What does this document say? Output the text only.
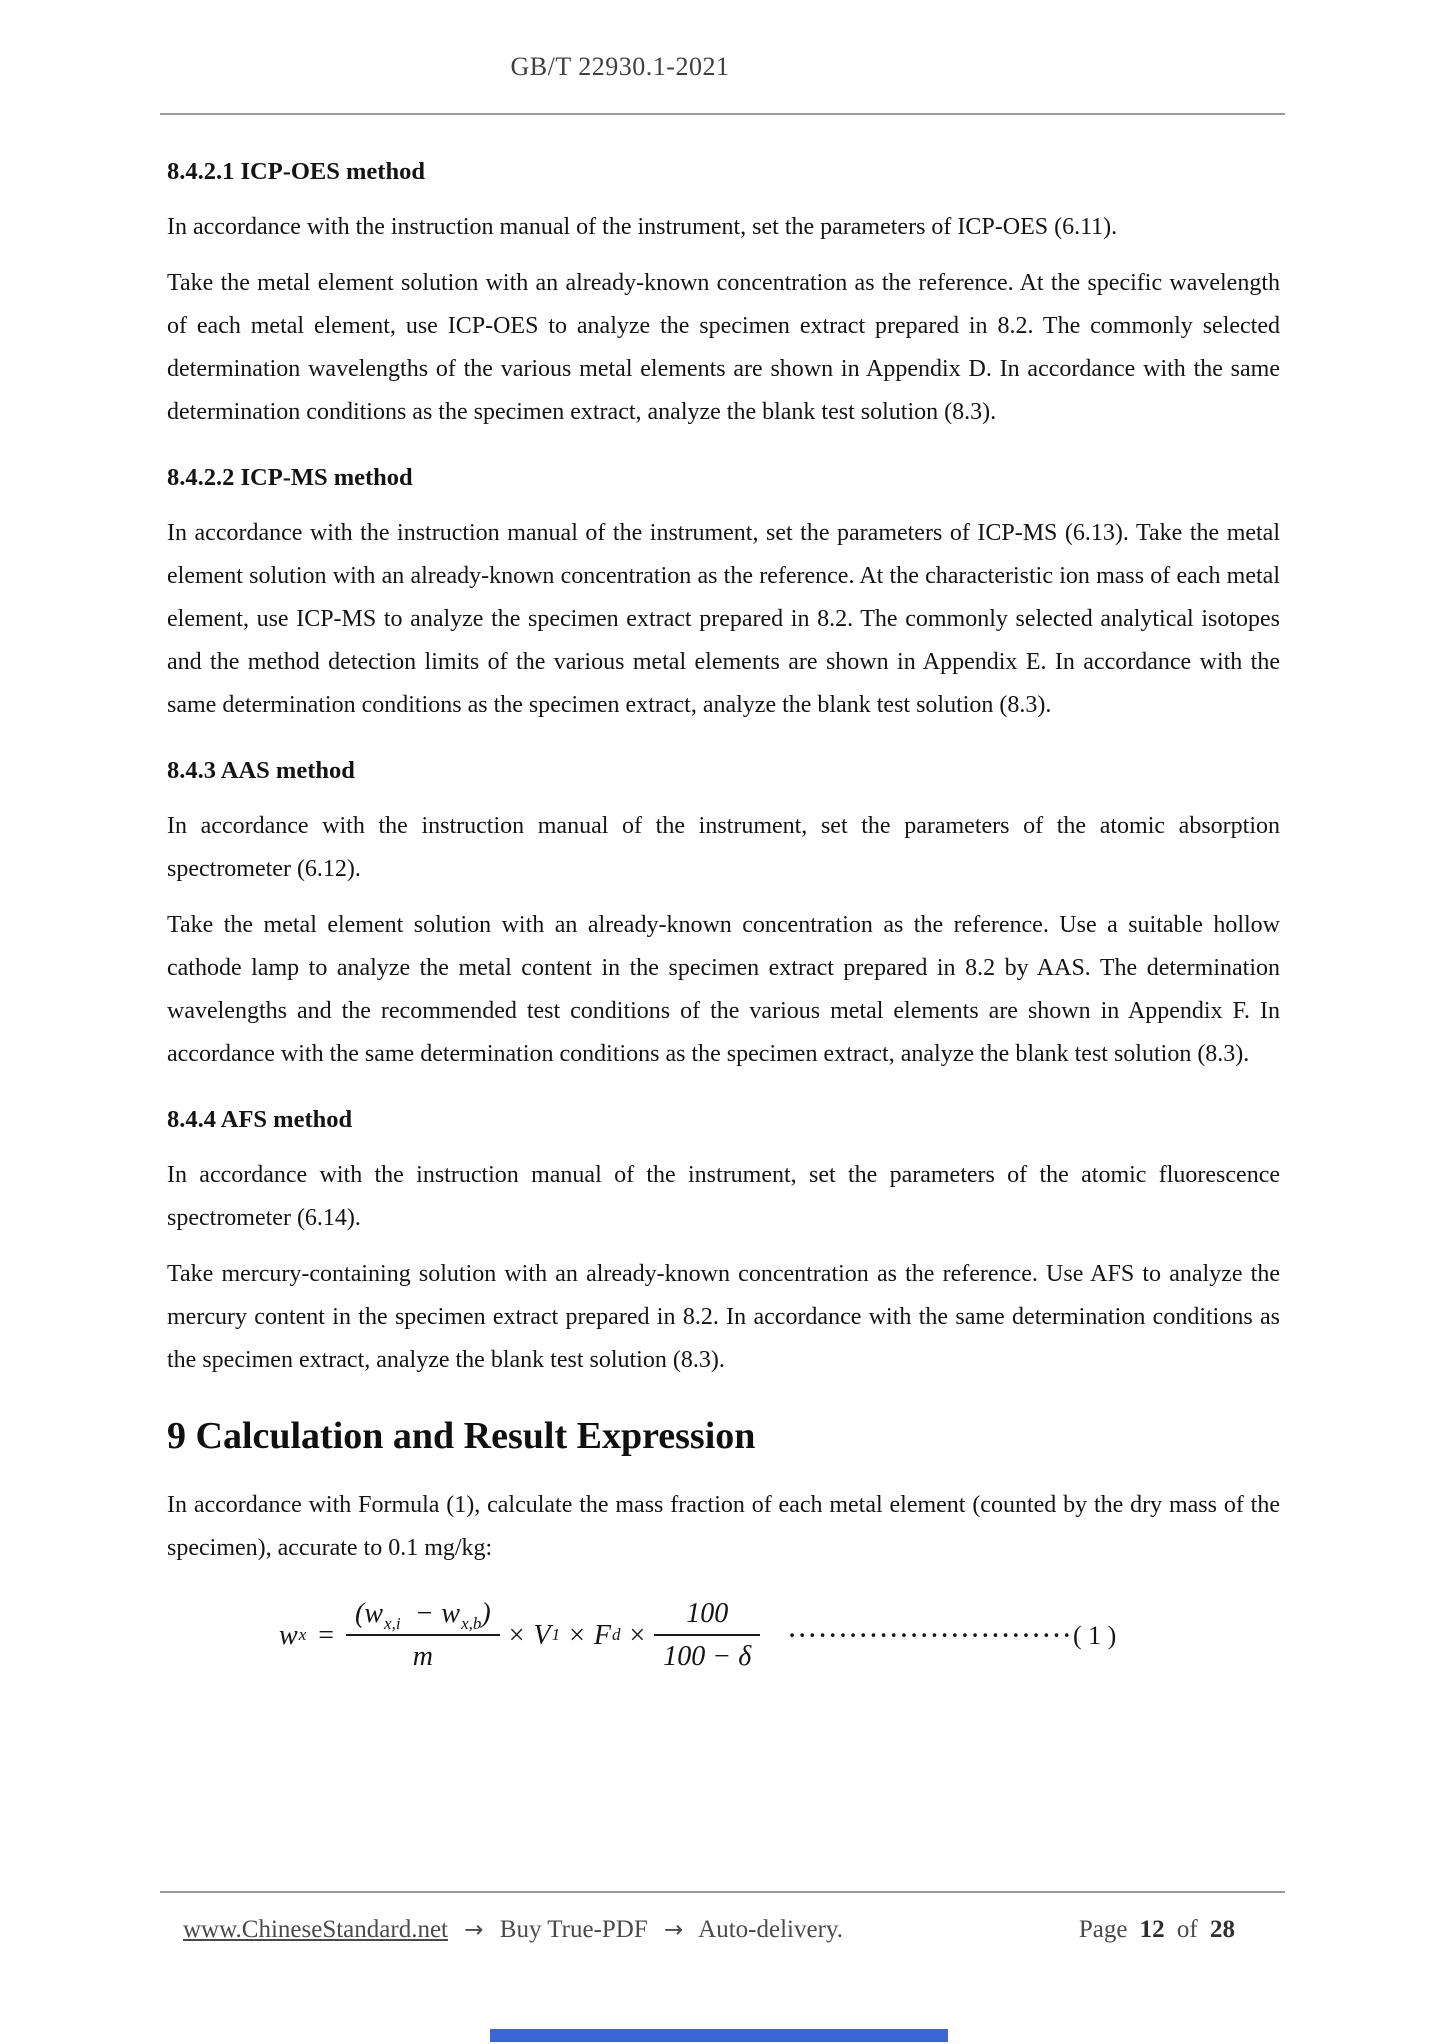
GB/T 22930.1-2021
8.4.2.1 ICP-OES method

In accordance with the instruction manual of the instrument, set the parameters of ICP-OES (6.11).

Take the metal element solution with an already-known concentration as the reference. At the specific wavelength of each metal element, use ICP-OES to analyze the specimen extract prepared in 8.2. The commonly selected determination wavelengths of the various metal elements are shown in Appendix D. In accordance with the same determination conditions as the specimen extract, analyze the blank test solution (8.3).

8.4.2.2 ICP-MS method

In accordance with the instruction manual of the instrument, set the parameters of ICP-MS (6.13). Take the metal element solution with an already-known concentration as the reference. At the characteristic ion mass of each metal element, use ICP-MS to analyze the specimen extract prepared in 8.2. The commonly selected analytical isotopes and the method detection limits of the various metal elements are shown in Appendix E. In accordance with the same determination conditions as the specimen extract, analyze the blank test solution (8.3).

8.4.3 AAS method

In accordance with the instruction manual of the instrument, set the parameters of the atomic absorption spectrometer (6.12).

Take the metal element solution with an already-known concentration as the reference. Use a suitable hollow cathode lamp to analyze the metal content in the specimen extract prepared in 8.2 by AAS. The determination wavelengths and the recommended test conditions of the various metal elements are shown in Appendix F. In accordance with the same determination conditions as the specimen extract, analyze the blank test solution (8.3).

8.4.4 AFS method

In accordance with the instruction manual of the instrument, set the parameters of the atomic fluorescence spectrometer (6.14).

Take mercury-containing solution with an already-known concentration as the reference. Use AFS to analyze the mercury content in the specimen extract prepared in 8.2. In accordance with the same determination conditions as the specimen extract, analyze the blank test solution (8.3).

9 Calculation and Result Expression

In accordance with Formula (1), calculate the mass fraction of each metal element (counted by the dry mass of the specimen), accurate to 0.1 mg/kg:

w $x = \frac{(w_{x,i} - w_{x,b})}{m} \times V$ 1 × F $d \times \frac{100}{100 - \delta}$ ···························· ( 1 )
www.ChineseStandard.net → Buy True-PDF → Auto-delivery.	Page 12 of 28
